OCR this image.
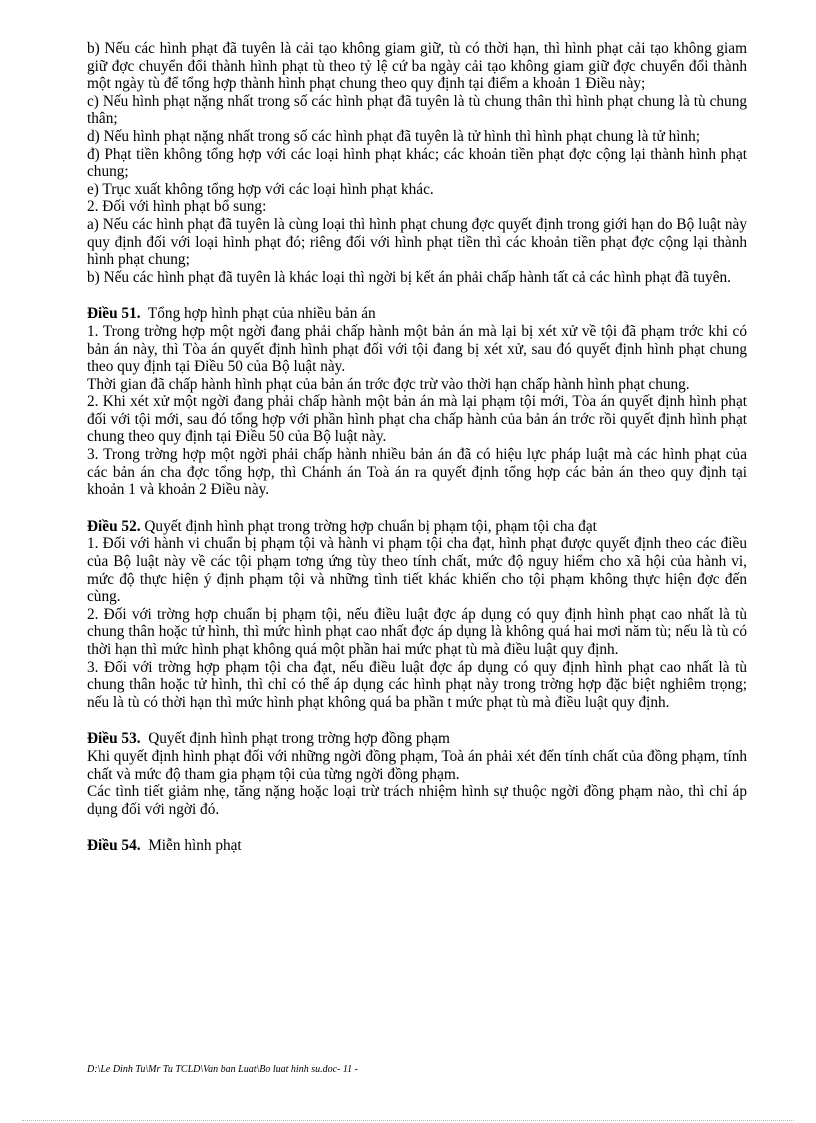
b) Nếu các hình phạt đã tuyên là cải tạo không giam giữ, tù có thời hạn, thì hình phạt cải tạo không giam giữ đợc chuyển đổi thành hình phạt tù theo tỷ lệ cứ ba ngày cải tạo không giam giữ đợc chuyển đổi thành một ngày tù để tổng hợp thành hình phạt chung theo quy định tại điểm a khoản 1 Điều này;

c) Nếu hình phạt nặng nhất trong số các hình phạt đã tuyên là tù chung thân thì hình phạt chung là tù chung thân;

d) Nếu hình phạt nặng nhất trong số các hình phạt đã tuyên là tử hình thì hình phạt chung là tử hình;

đ) Phạt tiền không tổng hợp với các loại hình phạt khác; các khoản tiền phạt đợc cộng lại thành hình phạt chung;

e) Trục xuất không tổng hợp với các loại hình phạt khác.

2. Đối với hình phạt bổ sung:

a) Nếu các hình phạt đã tuyên là cùng loại thì hình phạt chung đợc quyết định trong giới hạn do Bộ luật này quy định đối với loại hình phạt đó; riêng đối với hình phạt tiền thì các khoản tiền phạt đợc cộng lại thành hình phạt chung;

b) Nếu các hình phạt đã tuyên là khác loại thì ngời bị kết án phải chấp hành tất cả các hình phạt đã tuyên.

Điều 51. Tổng hợp hình phạt của nhiều bản án

1. Trong trờng hợp một ngời đang phải chấp hành một bản án mà lại bị xét xử về tội đã phạm trớc khi có bản án này, thì Tòa án quyết định hình phạt đối với tội đang bị xét xử, sau đó quyết định hình phạt chung theo quy định tại Điều 50 của Bộ luật này.

Thời gian đã chấp hành hình phạt của bản án trớc đợc trừ vào thời hạn chấp hành hình phạt chung.

2. Khi xét xử một ngời đang phải chấp hành một bản án mà lại phạm tội mới, Tòa án quyết định hình phạt đối với tội mới, sau đó tổng hợp với phần hình phạt cha chấp hành của bản án trớc rồi quyết định hình phạt chung theo quy định tại Điều 50 của Bộ luật này.

3. Trong trờng hợp một ngời phải chấp hành nhiều bản án đã có hiệu lực pháp luật mà các hình phạt của các bản án cha đợc tổng hợp, thì Chánh án Toà án ra quyết định tổng hợp các bản án theo quy định tại khoản 1 và khoản 2 Điều này.

Điều 52. Quyết định hình phạt trong trờng hợp chuẩn bị phạm tội, phạm tội cha đạt

1. Đối với hành vi chuẩn bị phạm tội và hành vi phạm tội cha đạt, hình phạt được quyết định theo các điều của Bộ luật này về các tội phạm tơng ứng tùy theo tính chất, mức độ nguy hiểm cho xã hội của hành vi, mức độ thực hiện ý định phạm tội và những tình tiết khác khiến cho tội phạm không thực hiện đợc đến cùng.

2. Đối với trờng hợp chuẩn bị phạm tội, nếu điều luật đợc áp dụng có quy định hình phạt cao nhất là tù chung thân hoặc tử hình, thì mức hình phạt cao nhất đợc áp dụng là không quá hai mơi năm tù; nếu là tù có thời hạn thì mức hình phạt không quá một phần hai mức phạt tù mà điều luật quy định.

3. Đối với trờng hợp phạm tội cha đạt, nếu điều luật đợc áp dụng có quy định hình phạt cao nhất là tù chung thân hoặc tử hình, thì chỉ có thể áp dụng các hình phạt này trong trờng hợp đặc biệt nghiêm trọng; nếu là tù có thời hạn thì mức hình phạt không quá ba phần t mức phạt tù mà điều luật quy định.

Điều 53. Quyết định hình phạt trong trờng hợp đồng phạm

Khi quyết định hình phạt đối với những ngời đồng phạm, Toà án phải xét đến tính chất của đồng phạm, tính chất và mức độ tham gia phạm tội của từng ngời đồng phạm.

Các tình tiết giảm nhẹ, tăng nặng hoặc loại trừ trách nhiệm hình sự thuộc ngời đồng phạm nào, thì chỉ áp dụng đối với ngời đó.

Điều 54. Miễn hình phạt

D:\Le Dinh Tu\Mr Tu TCLD\Van ban Luat\Bo luat hinh su.doc- 11 -
